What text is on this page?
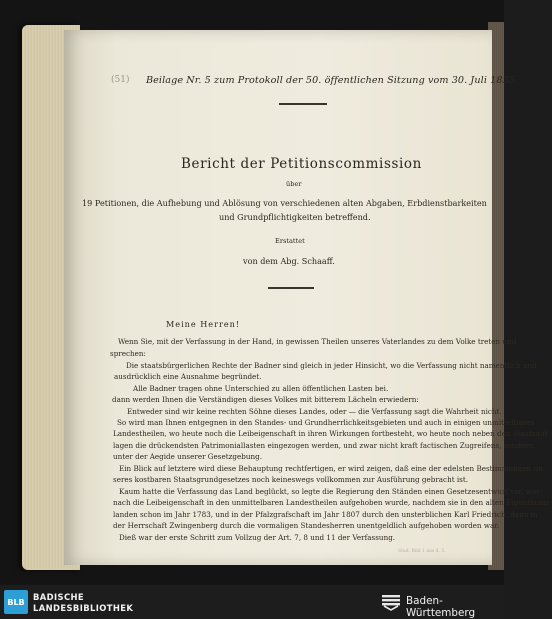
(51) Beilage Nr. 5 zum Protokoll der 50. öffentlichen Sitzung vom 30. Juli 1835.
Bericht der Petitionscommission
über
19 Petitionen, die Aufhebung und Ablösung von verschiedenen alten Abgaben, Erbdienstbarkeiten
und Grundpflichtigkeiten betreffend.
Erstattet
von dem Abg. Schaaff.
Meine Herren!
Wenn Sie, mit der Verfassung in der Hand, in gewissen Theilen unseres Vaterlandes zu dem Volke treten und
sprechen:
Die staatsbürgerlichen Rechte der Badner sind gleich in jeder Hinsicht, wo die Verfassung nicht namentlich und
ausdrücklich eine Ausnahme begründet.
Alle Badner tragen ohne Unterschied zu allen öffentlichen Lasten bei.
dann werden Ihnen die Verständigen dieses Volkes mit bitterem Lächeln erwiedern:
Entweder sind wir keine rechten Söhne dieses Landes, oder — die Verfassung sagt die Wahrheit nicht.
So wird man Ihnen entgegnen in den Standes- und Grundherrlichkeitsgebieten und auch in einigen unmittelbaren
Landestheilen, wo heute noch die Leibeigenschaft in ihren Wirkungen fortbesteht, wo heute noch neben den Staatsauf-
lagen die drückendsten Patrimoniallasten eingezogen werden, und zwar nicht kraft factischen Zugreifens, sondern
unter der Aegide unserer Gesetzgebung.
Ein Blick auf letztere wird diese Behauptung rechtfertigen, er wird zeigen, daß eine der edelsten Bestimmungen un-
seres kostbaren Staatsgrundgesetzes noch keineswegs vollkommen zur Ausführung gebracht ist.
Kaum hatte die Verfassung das Land beglückt, so legte die Regierung den Ständen einen Gesetzesentwurf vor, wor-
nach die Leibeigenschaft in den unmittelbaren Landestheilen aufgehoben wurde, nachdem sie in den alten Eigenthums-
landen schon im Jahr 1783, und in der Pfalzgrafschaft im Jahr 1807 durch den unsterblichen Karl Friedrich, dann in
der Herrschaft Zwingenberg durch die vormaligen Standesherren unentgeldlich aufgehoben worden war.
Dieß war der erste Schritt zum Vollzug der Art. 7, 8 und 11 der Verfassung.
Stud. Bild 1 aus d. 5.
BLB BADISCHE
LANDESBIBLIOTHEK
Baden-Württemberg
